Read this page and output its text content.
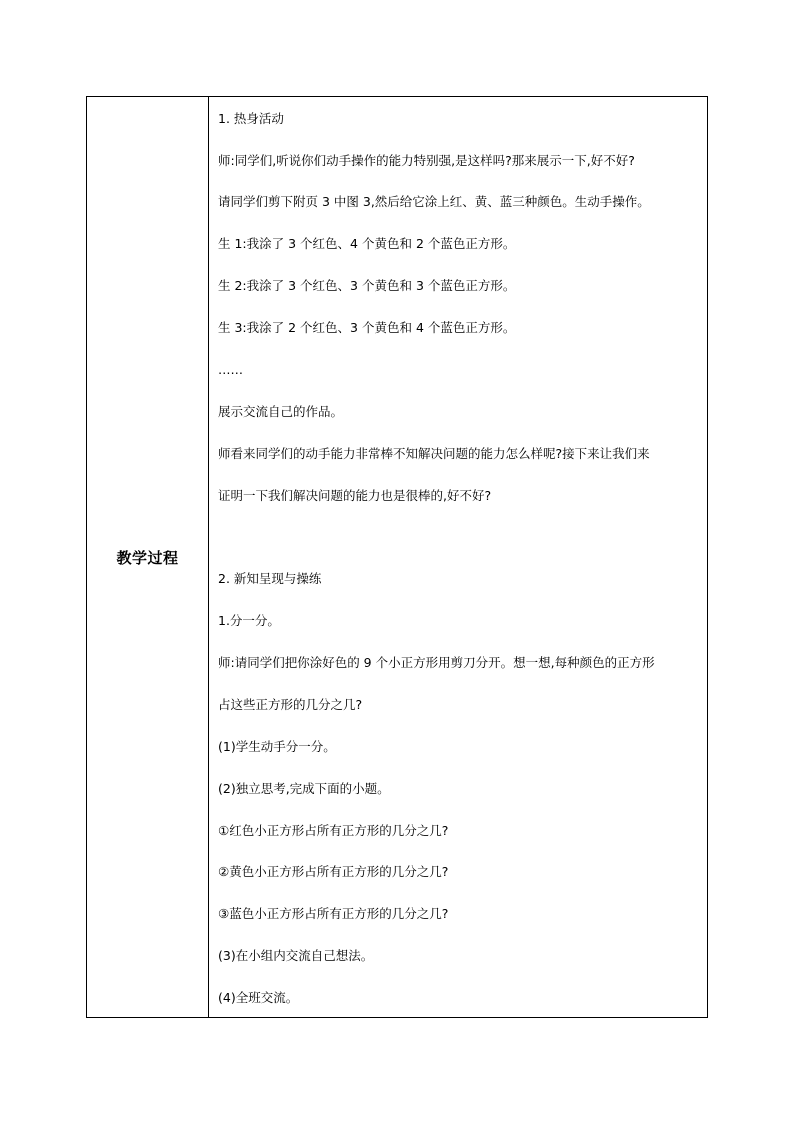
教学过程	
1. 热身活动
师:同学们,听说你们动手操作的能力特别强,是这样吗?那来展示一下,好不好?
请同学们剪下附页 3 中图 3,然后给它涂上红、黄、蓝三种颜色。生动手操作。
生 1:我涂了 3 个红色、4 个黄色和 2 个蓝色正方形。
生 2:我涂了 3 个红色、3 个黄色和 3 个蓝色正方形。
生 3:我涂了 2 个红色、3 个黄色和 4 个蓝色正方形。
……
展示交流自己的作品。
师看来同学们的动手能力非常棒不知解决问题的能力怎么样呢?接下来让我们来
证明一下我们解决问题的能力也是很棒的,好不好?
2. 新知呈现与操练
1.分一分。
师:请同学们把你涂好色的 9 个小正方形用剪刀分开。想一想,每种颜色的正方形
占这些正方形的几分之几?
(1)学生动手分一分。
(2)独立思考,完成下面的小题。
①红色小正方形占所有正方形的几分之几?
②黄色小正方形占所有正方形的几分之几?
③蓝色小正方形占所有正方形的几分之几?
(3)在小组内交流自己想法。
(4)全班交流。
